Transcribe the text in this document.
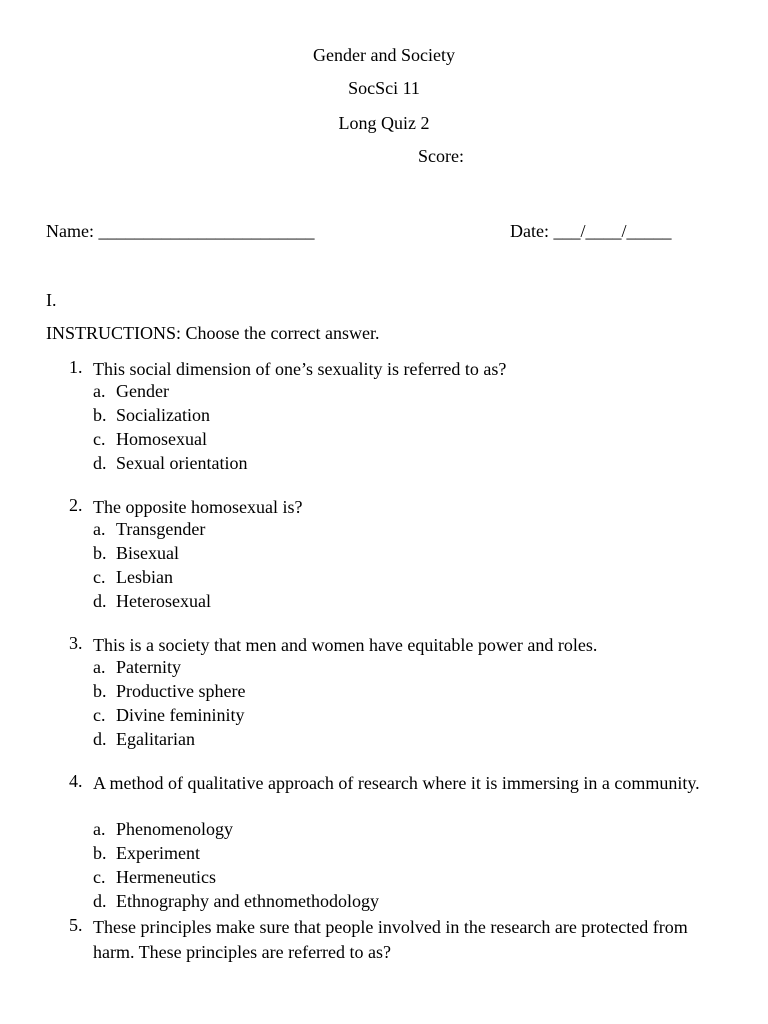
Gender and Society
SocSci 11
Long Quiz 2
Score:
Name: ________________________	Date: ___/____/_____
I.
INSTRUCTIONS: Choose the correct answer.
1. This social dimension of one’s sexuality is referred to as?
a. Gender
b. Socialization
c. Homosexual
d. Sexual orientation
2. The opposite homosexual is?
a. Transgender
b. Bisexual
c. Lesbian
d. Heterosexual
3. This is a society that men and women have equitable power and roles.
a. Paternity
b. Productive sphere
c. Divine femininity
d. Egalitarian
4. A method of qualitative approach of research where it is immersing in a community.
a. Phenomenology
b. Experiment
c. Hermeneutics
d. Ethnography and ethnomethodology
5. These principles make sure that people involved in the research are protected from harm. These principles are referred to as?
